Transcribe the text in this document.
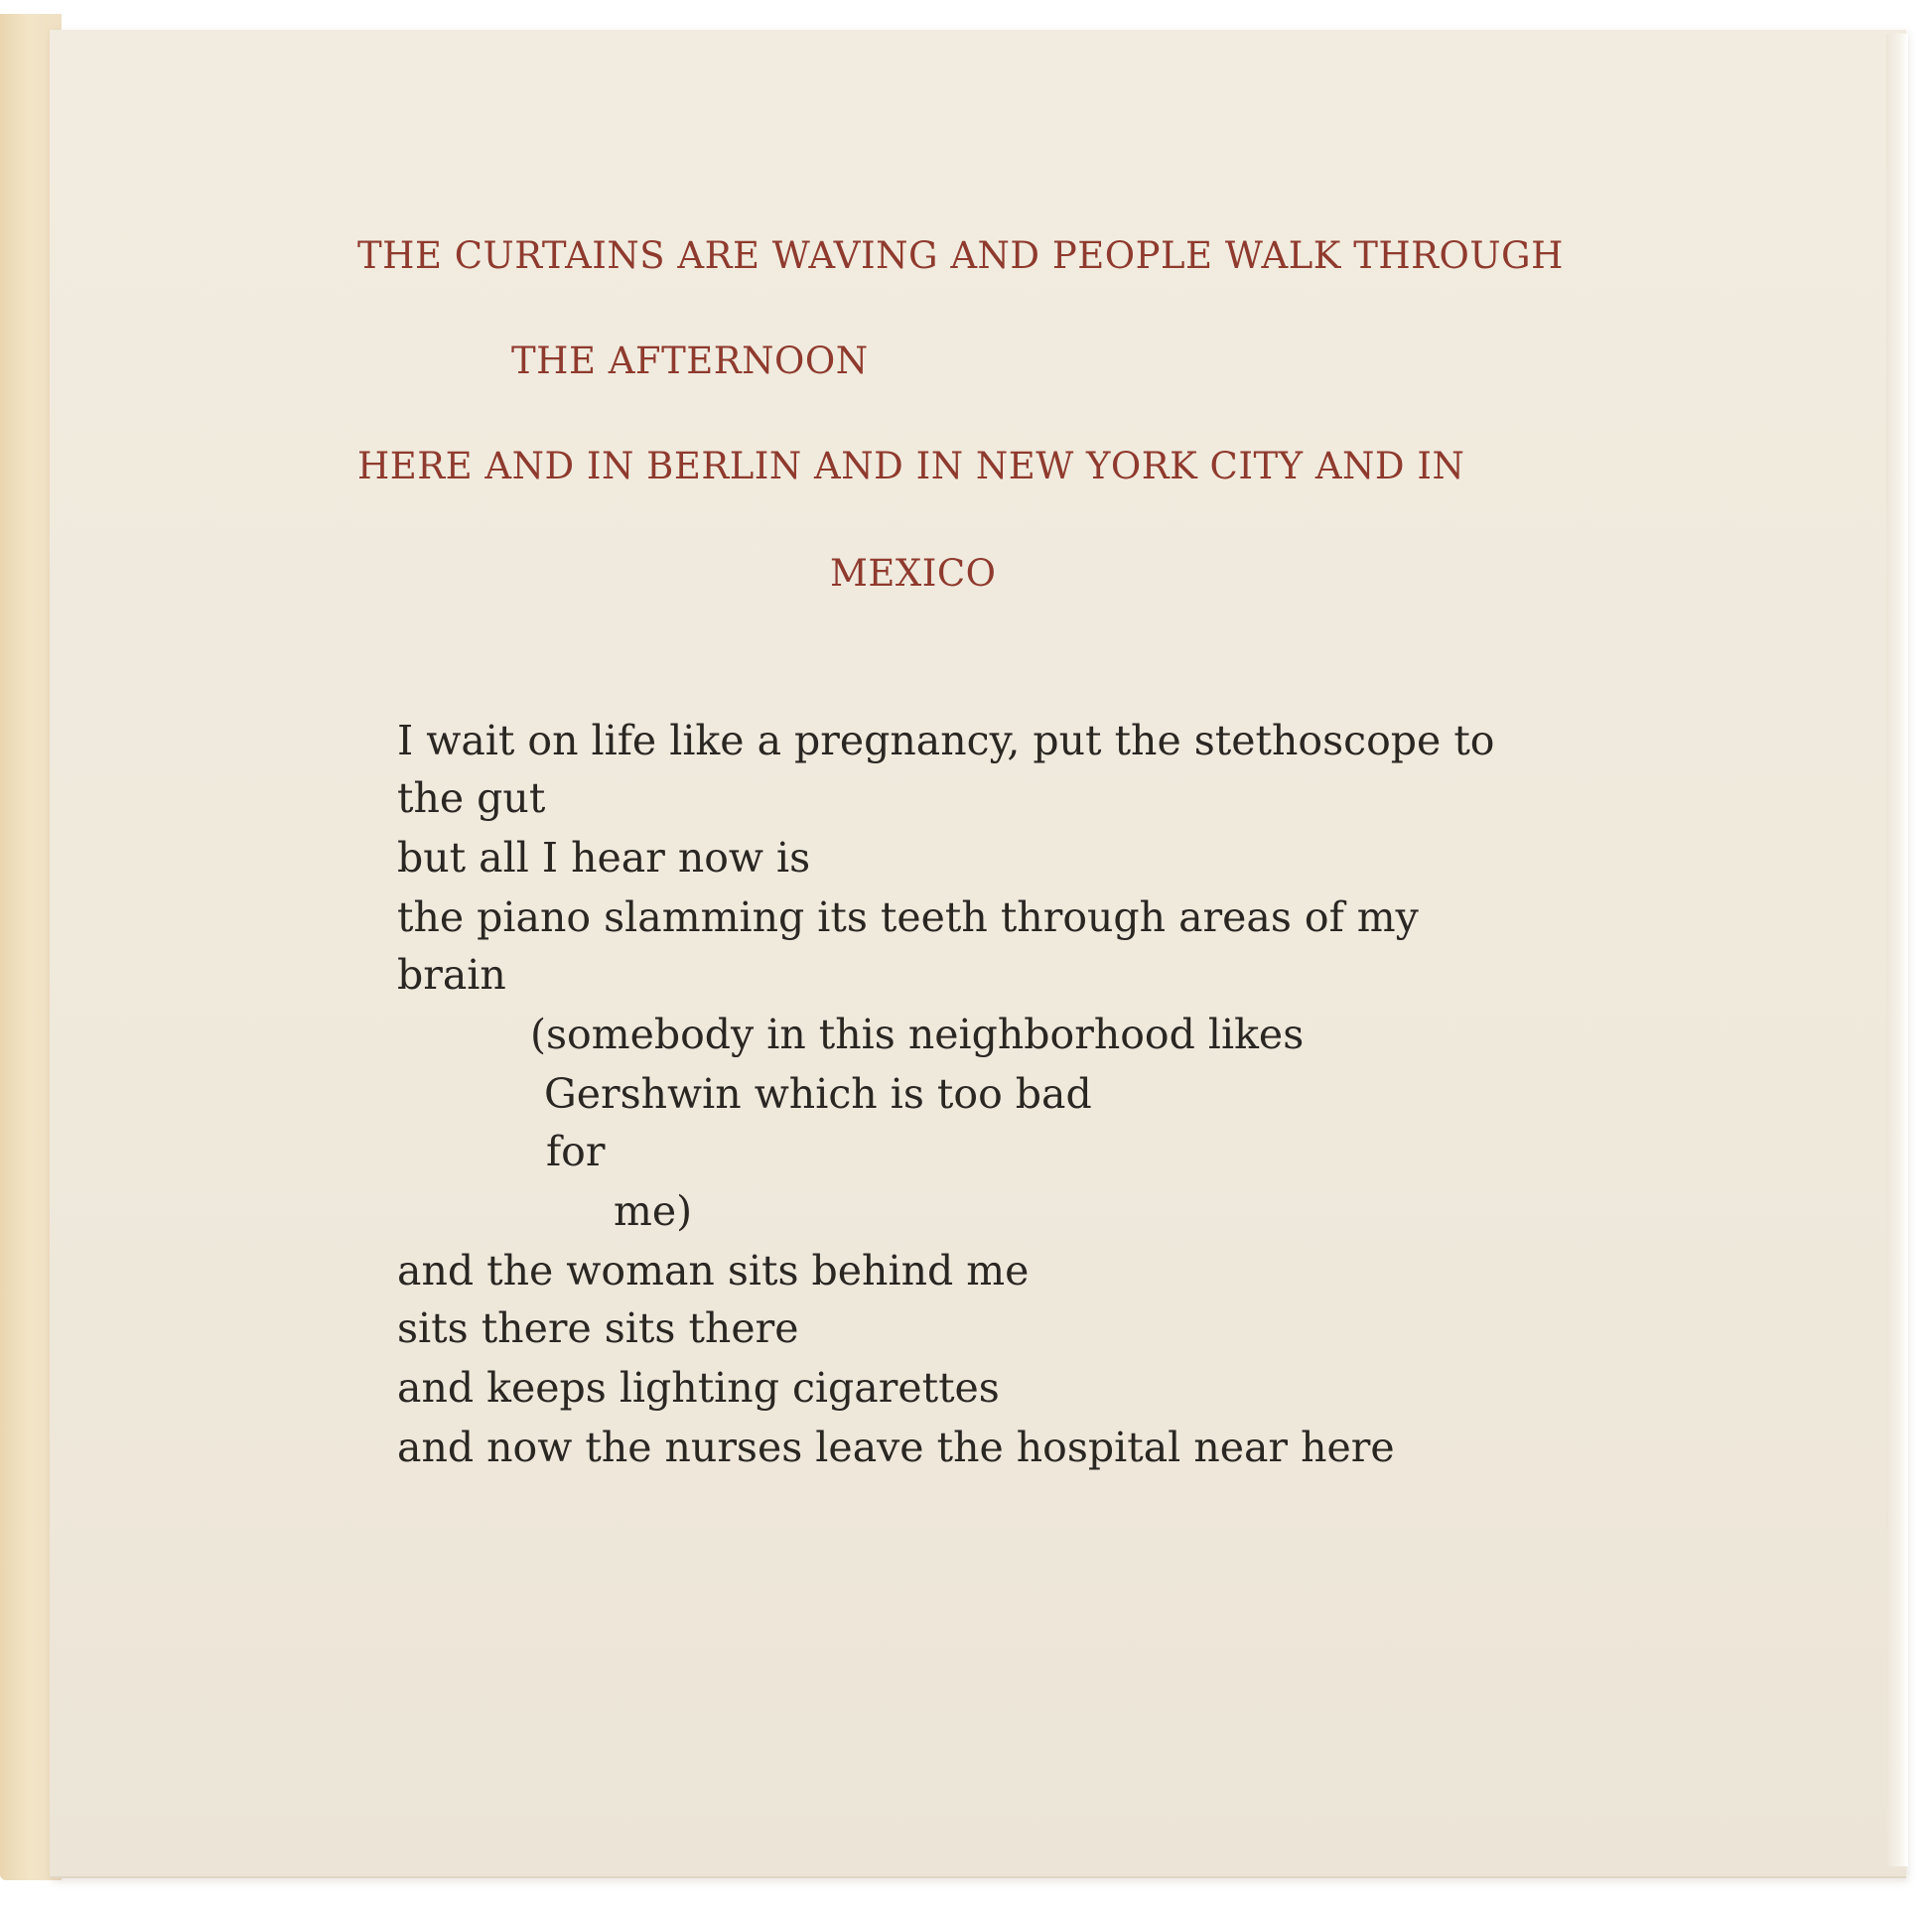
THE CURTAINS ARE WAVING AND PEOPLE WALK THROUGH
THE AFTERNOON
HERE AND IN BERLIN AND IN NEW YORK CITY AND IN
MEXICO
I wait on life like a pregnancy, put the stethoscope to
the gut
but all I hear now is
the piano slamming its teeth through areas of my
brain
(somebody in this neighborhood likes
Gershwin which is too bad
for
me)
and the woman sits behind me
sits there sits there
and keeps lighting cigarettes
and now the nurses leave the hospital near here
